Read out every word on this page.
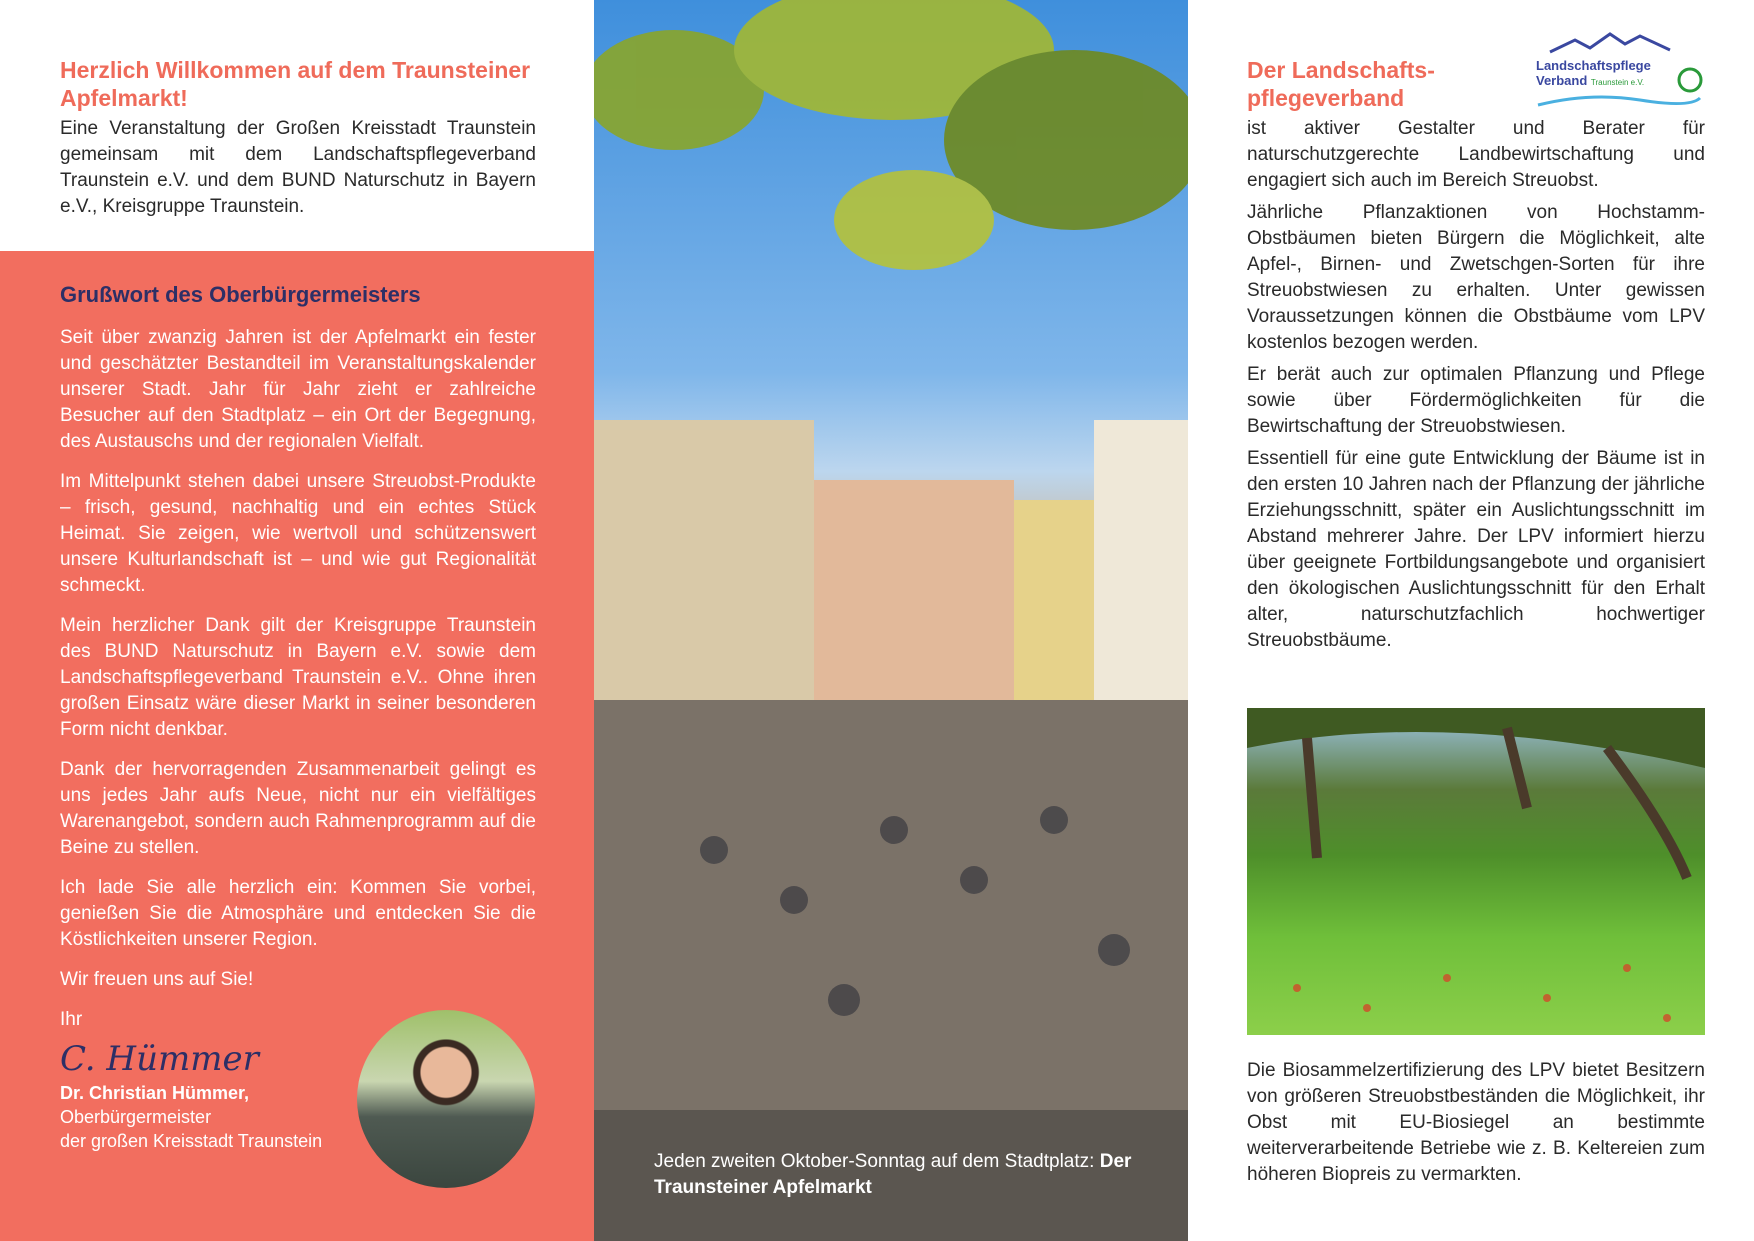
Herzlich Willkommen auf dem Traunsteiner Apfelmarkt!

Eine Veranstaltung der Großen Kreisstadt Traunstein gemeinsam mit dem Landschaftspflegeverband Traunstein e.V. und dem BUND Naturschutz in Bayern e.V., Kreisgruppe Traunstein.

Grußwort des Oberbürgermeisters

Seit über zwanzig Jahren ist der Apfelmarkt ein fester und geschätzter Bestandteil im Veranstaltungskalender unserer Stadt. Jahr für Jahr zieht er zahlreiche Besucher auf den Stadtplatz – ein Ort der Begegnung, des Austauschs und der regionalen Vielfalt.

Im Mittelpunkt stehen dabei unsere Streuobst-Produkte – frisch, gesund, nachhaltig und ein echtes Stück Heimat. Sie zeigen, wie wertvoll und schützenswert unsere Kulturlandschaft ist – und wie gut Regionalität schmeckt.

Mein herzlicher Dank gilt der Kreisgruppe Traunstein des BUND Naturschutz in Bayern e.V. sowie dem Landschaftspflegeverband Traunstein e.V.. Ohne ihren großen Einsatz wäre dieser Markt in seiner besonderen Form nicht denkbar.

Dank der hervorragenden Zusammenarbeit gelingt es uns jedes Jahr aufs Neue, nicht nur ein vielfältiges Warenangebot, sondern auch Rahmenprogramm auf die Beine zu stellen.

Ich lade Sie alle herzlich ein: Kommen Sie vorbei, genießen Sie die Atmosphäre und entdecken Sie die Köstlichkeiten unserer Region.

Wir freuen uns auf Sie!

Ihr

C. Hümmer
Dr. Christian Hümmer,
Oberbürgermeister
der großen Kreisstadt Traunstein
Jeden zweiten Oktober-Sonntag auf dem Stadtplatz: Der Traunsteiner Apfelmarkt
Landschaftspflege
Verband Traunstein e.V.
Der Landschafts-pflegeverband

ist aktiver Gestalter und Berater für naturschutzgerechte Landbewirtschaftung und engagiert sich auch im Bereich Streuobst.

Jährliche Pflanzaktionen von Hochstamm-Obstbäumen bieten Bürgern die Möglichkeit, alte Apfel-, Birnen- und Zwetschgen-Sorten für ihre Streuobstwiesen zu erhalten. Unter gewissen Voraussetzungen können die Obstbäume vom LPV kostenlos bezogen werden.

Er berät auch zur optimalen Pflanzung und Pflege sowie über Fördermöglichkeiten für die Bewirtschaftung der Streuobstwiesen.

Essentiell für eine gute Entwicklung der Bäume ist in den ersten 10 Jahren nach der Pflanzung der jährliche Erziehungsschnitt, später ein Auslichtungsschnitt im Abstand mehrerer Jahre. Der LPV informiert hierzu über geeignete Fortbildungsangebote und organisiert den ökologischen Auslichtungsschnitt für den Erhalt alter, naturschutzfachlich hochwertiger Streuobstbäume.

Die Biosammelzertifizierung des LPV bietet Besitzern von größeren Streuobstbeständen die Möglichkeit, ihr Obst mit EU-Biosiegel an bestimmte weiterverarbeitende Betriebe wie z. B. Keltereien zum höheren Biopreis zu vermarkten.
